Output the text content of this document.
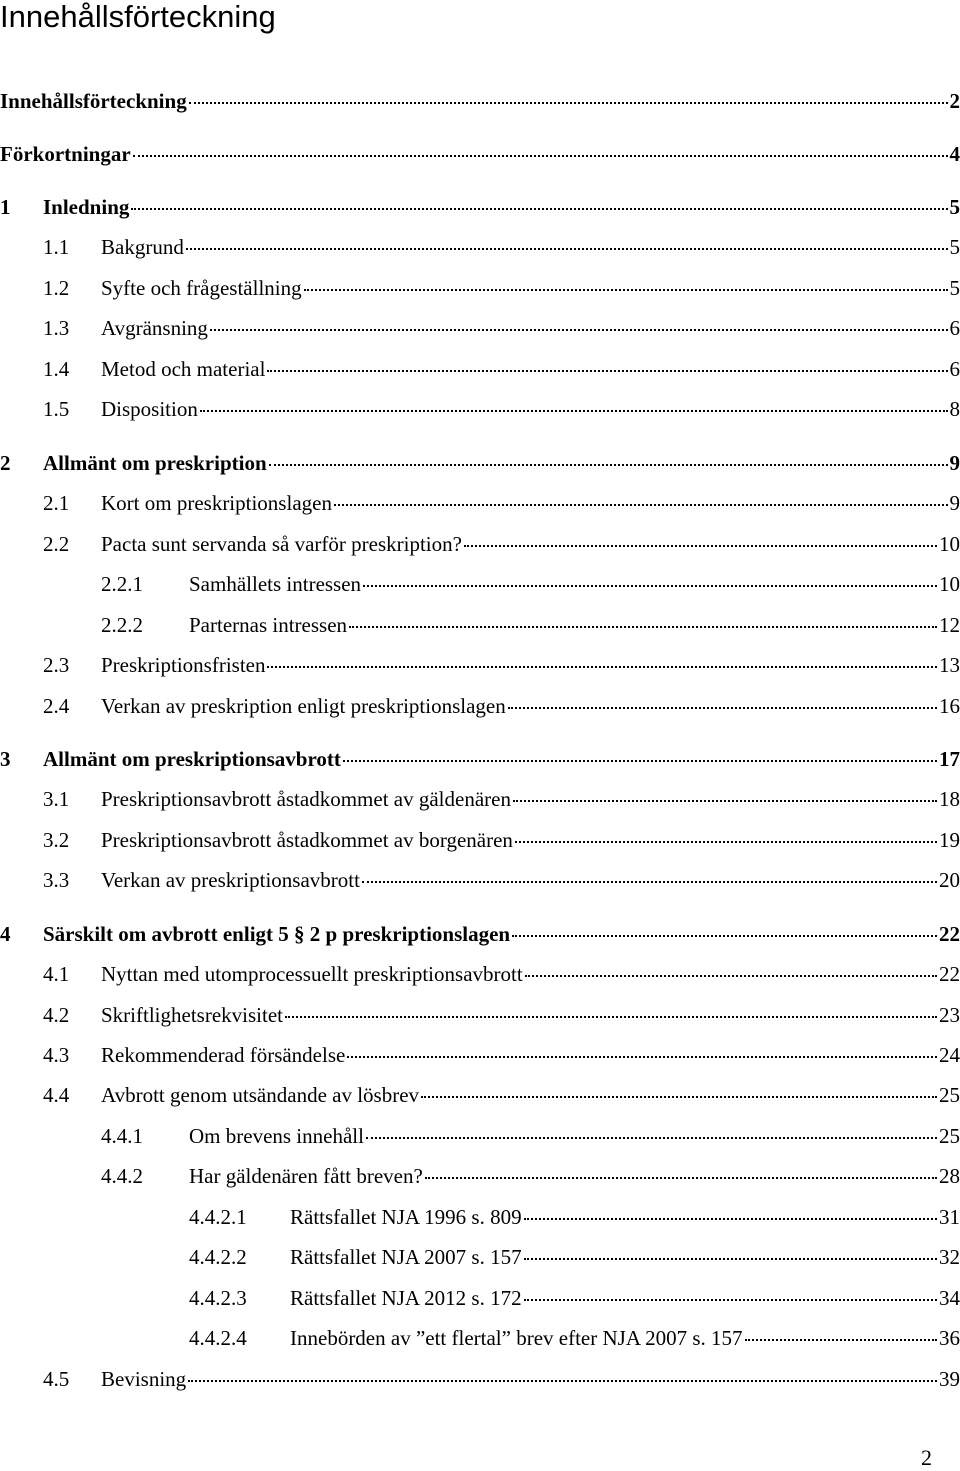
Innehållsförteckning
Innehållsförteckning	2
Förkortningar	4
1	Inledning	5
1.1	Bakgrund	5
1.2	Syfte och frågeställning	5
1.3	Avgränsning	6
1.4	Metod och material	6
1.5	Disposition	8
2	Allmänt om preskription	9
2.1	Kort om preskriptionslagen	9
2.2	Pacta sunt servanda så varför preskription?	10
2.2.1	Samhällets intressen	10
2.2.2	Parternas intressen	12
2.3	Preskriptionsfristen	13
2.4	Verkan av preskription enligt preskriptionslagen	16
3	Allmänt om preskriptionsavbrott	17
3.1	Preskriptionsavbrott åstadkommet av gäldenären	18
3.2	Preskriptionsavbrott åstadkommet av borgenären	19
3.3	Verkan av preskriptionsavbrott	20
4	Särskilt om avbrott enligt 5 § 2 p preskriptionslagen	22
4.1	Nyttan med utomprocessuellt preskriptionsavbrott	22
4.2	Skriftlighetsrekvisitet	23
4.3	Rekommenderad försändelse	24
4.4	Avbrott genom utsändande av lösbrev	25
4.4.1	Om brevens innehåll	25
4.4.2	Har gäldenären fått breven?	28
4.4.2.1	Rättsfallet NJA 1996 s. 809	31
4.4.2.2	Rättsfallet NJA 2007 s. 157	32
4.4.2.3	Rättsfallet NJA 2012 s. 172	34
4.4.2.4	Innebörden av ”ett flertal” brev efter NJA 2007 s. 157	36
4.5	Bevisning	39
2
